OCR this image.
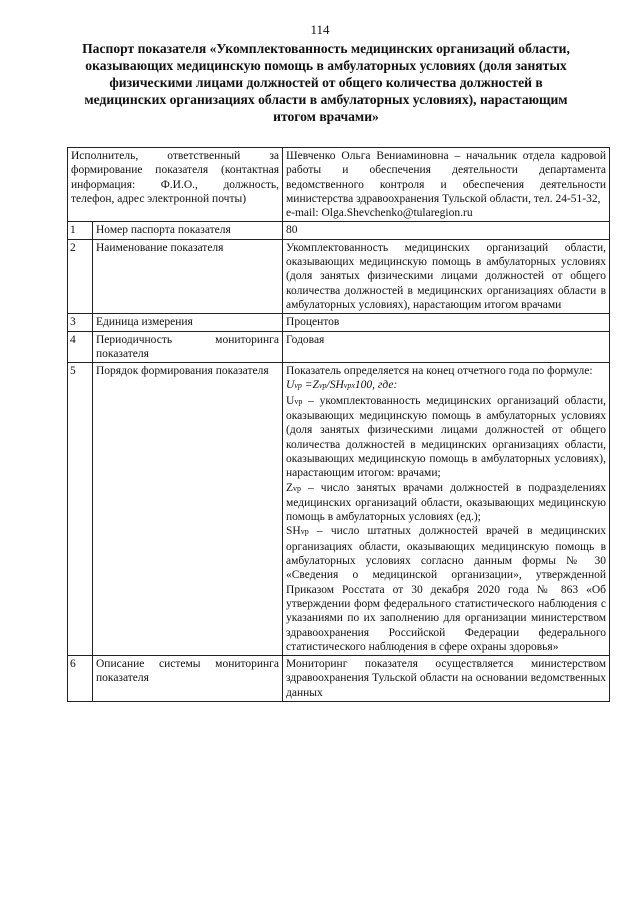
114
Паспорт показателя «Укомплектованность медицинских организаций области, оказывающих медицинскую помощь в амбулаторных условиях (доля занятых физическими лицами должностей от общего количества должностей в медицинских организациях области в амбулаторных условиях), нарастающим итогом врачами»
Исполнитель, ответственный за формирование показателя (контактная информация: Ф.И.О., должность, телефон, адрес электронной почты)		Шевченко Ольга Вениаминовна – начальник отдела кадровой работы и обеспечения деятельности департамента ведомственного контроля и обеспечения деятельности министерства здравоохранения Тульской области, тел. 24-51-32,
e-mail: Olga.Shevchenko@tularegion.ru

1	Номер паспорта показателя	80
2	Наименование показателя	Укомплектованность медицинских организаций области, оказывающих медицинскую помощь в амбулаторных условиях (доля занятых физическими лицами должностей от общего количества должностей в медицинских организациях области в амбулаторных условиях), нарастающим итогом врачами
3	Единица измерения	Процентов
4	Периодичность мониторинга показателя	Годовая
5	Порядок формирования показателя	Показатель определяется на конец отчетного года по формуле:
Uvp =Zvp/SHvpх100, где:
Uvp – укомплектованность медицинских организаций области, оказывающих медицинскую помощь в амбулаторных условиях (доля занятых физическими лицами должностей от общего количества должностей в медицинских организациях области, оказывающих медицинскую помощь в амбулаторных условиях), нарастающим итогом: врачами;
Zvp – число занятых врачами должностей в подразделениях медицинских организаций области, оказывающих медицинскую помощь в амбулаторных условиях (ед.);
SHvp – число штатных должностей врачей в медицинских организациях области, оказывающих медицинскую помощь в амбулаторных условиях согласно данным формы № 30 «Сведения о медицинской организации», утвержденной Приказом Росстата от 30 декабря 2020 года № 863 «Об утверждении форм федерального статистического наблюдения с указаниями по их заполнению для организации министерством здравоохранения Российской Федерации федерального статистического наблюдения в сфере охраны здоровья»

6	Описание системы мониторинга показателя	Мониторинг показателя осуществляется министерством здравоохранения Тульской области на основании ведомственных данных
